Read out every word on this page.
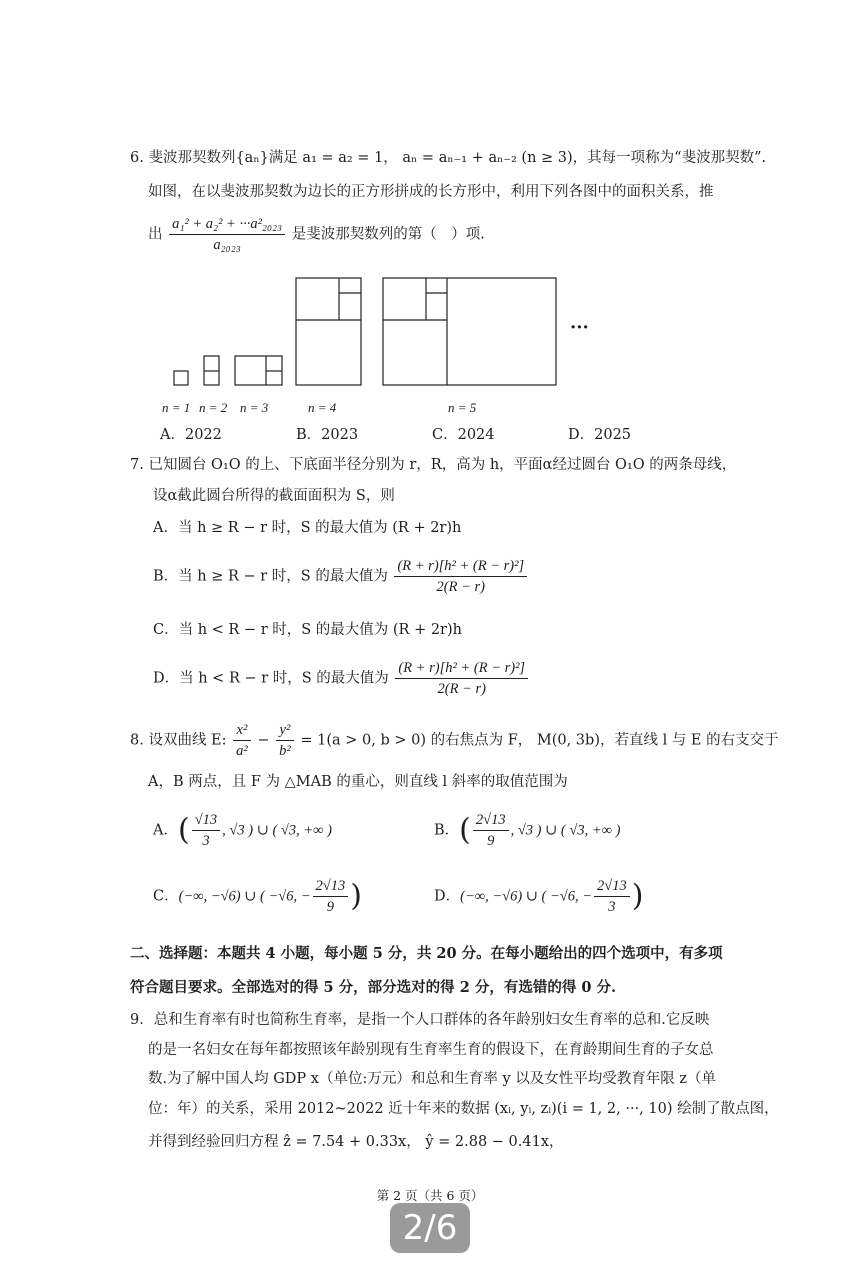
6. 斐波那契数列{aₙ}满足 a₁ = a₂ = 1， aₙ = aₙ₋₁ + aₙ₋₂ (n ≥ 3)，其每一项称为“斐波那契数”.
如图，在以斐波那契数为边长的正方形拼成的长方形中，利用下列各图中的面积关系，推
出 $\frac{\text{a₁² + a₂² + ···a²₂₀₂₃}}{\text{a₂₀₂₃}}$ 是斐波那契数列的第（　）项.
n = 1 n = 2 n = 3	n = 4	n = 5
···
A．2022	B．2023	C．2024	D．2025
7. 已知圆台 O₁O 的上、下底面半径分别为 r，R，高为 h，平面α经过圆台 O₁O 的两条母线，
设α截此圆台所得的截面面积为 S，则
A．当 h ≥ R − r 时，S 的最大值为 (R + 2r)h
B．当 h ≥ R − r 时，S 的最大值为 $\frac{\text{(R + r)[h² + (R − r)²]}}{2(R - r)}$
C．当 h < R − r 时，S 的最大值为 (R + 2r)h
D．当 h < R − r 时，S 的最大值为 $\frac{\text{(R + r)[h² + (R − r)²]}}{2(R - r)}$
8. 设双曲线 E: $\frac{\text{x²}}{\text{a²}} - \frac{\text{y²}}{\text{b²}} = 1(a > 0$, b > 0) 的右焦点为 F， M(0, 3b)，若直线 l 与 E 的右支交于
A，B 两点，且 F 为 △MAB 的重心，则直线 l 斜率的取值范围为
A．( $\frac{√13}{3}$ , √3 ) ∪ ( √3, +∞ )	B．( $\frac{2√13}{9}$ , √3 ) ∪ ( √3, +∞ )
C．(−∞, −√6) ∪ ( −√6, − $\frac{2√13}{9}$ )	D．(−∞, −√6) ∪ ( −√6, − $\frac{2√13}{3}$ )
二、选择题：本题共 4 小题，每小题 5 分，共 20 分。在每小题给出的四个选项中，有多项
符合题目要求。全部选对的得 5 分，部分选对的得 2 分，有选错的得 0 分.
9．总和生育率有时也简称生育率，是指一个人口群体的各年龄别妇女生育率的总和.它反映
的是一名妇女在每年都按照该年龄别现有生育率生育的假设下，在育龄期间生育的子女总
数.为了解中国人均 GDP x（单位:万元）和总和生育率 y 以及女性平均受教育年限 z（单
位：年）的关系，采用 2012~2022 近十年来的数据 (xᵢ, yᵢ, zᵢ)(i = 1, 2, ···, 10) 绘制了散点图，
并得到经验回归方程 ẑ = 7.54 + 0.33x， ŷ = 2.88 − 0.41x，
第 2 页（共 6 页）
2/6
